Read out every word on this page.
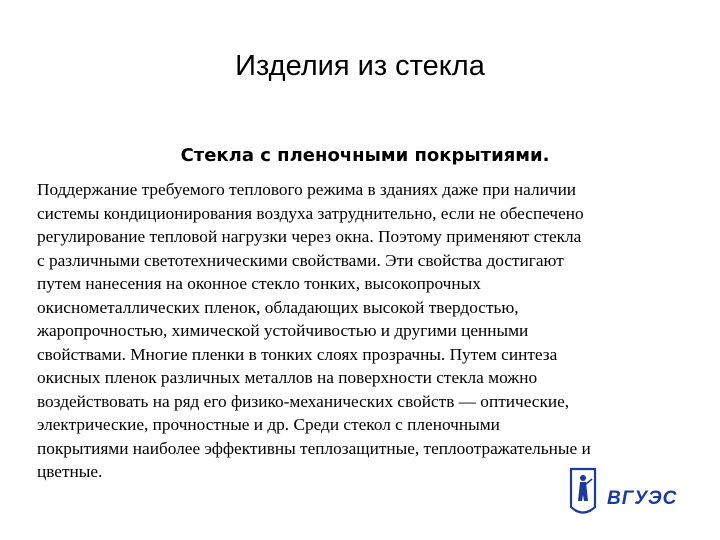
Изделия из стекла
Стекла с пленочными покрытиями.

Поддержание требуемого теплового режима в зданиях даже при наличии
системы кондиционирования воздуха затруднительно, если не обеспечено
регулирование тепловой нагрузки через окна. Поэтому применяют стекла
с различными светотехническими свойствами. Эти свойства достигают
путем нанесения на оконное стекло тонких, высокопрочных
окиснометаллических пленок, обладающих высокой твердостью,
жаропрочностью, химической устойчивостью и другими ценными
свойствами. Многие пленки в тонких слоях прозрачны. Путем синтеза
окисных пленок различных металлов на поверхности стекла можно
воздействовать на ряд его физико-механических свойств — оптические,
электрические, прочностные и др. Среди стекол с пленочными
покрытиями наиболее эффективны теплозащитные, теплоотражательные и
цветные.

ВГУЭС
